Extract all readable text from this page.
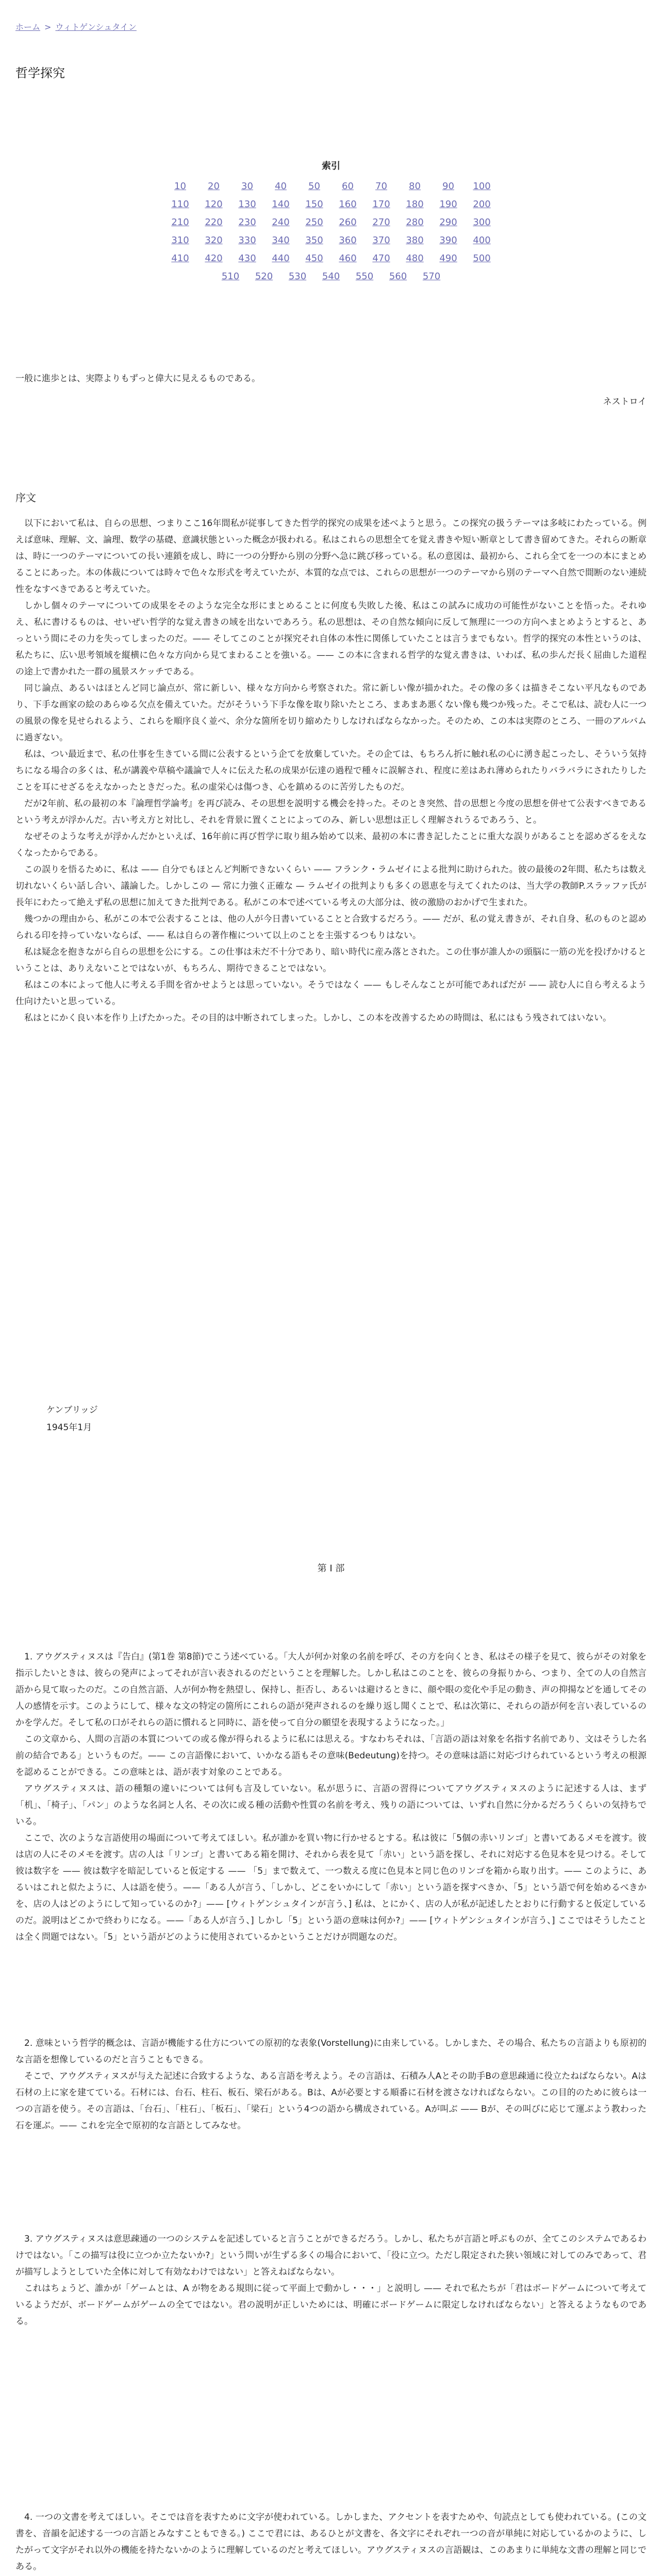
ホーム > ウィトゲンシュタイン
哲学探究
索引
10 20 30 40 50 60 70 80 90 100
110 120 130 140 150 160 170 180 190 200
210 220 230 240 250 260 270 280 290 300
310 320 330 340 350 360 370 380 390 400
410 420 430 440 450 460 470 480 490 500
510 520 530 540 550 560 570

一般に進歩とは、実際よりもずっと偉大に見えるものである。

ネストロイ
序文

以下において私は、自らの思想、つまりここ16年間私が従事してきた哲学的探究の成果を述べようと思う。この探究の扱うテーマは多岐にわたっている。例えば意味、理解、文、論理、数学の基礎、意識状態といった概念が扱われる。私はこれらの思想全てを覚え書きや短い断章として書き留めてきた。それらの断章は、時に一つのテーマについての長い連鎖を成し、時に一つの分野から別の分野へ急に跳び移っている。私の意図は、最初から、これら全てを一つの本にまとめることにあった。本の体裁については時々で色々な形式を考えていたが、本質的な点では、これらの思想が一つのテーマから別のテーマへ自然で間断のない連続性をなすべきであると考えていた。

しかし個々のテーマについての成果をそのような完全な形にまとめることに何度も失敗した後、私はこの試みに成功の可能性がないことを悟った。それゆえ、私に書けるものは、せいぜい哲学的な覚え書きの域を出ないであろう。私の思想は、その自然な傾向に反して無理に一つの方向へまとめようとすると、あっという間にその力を失ってしまったのだ。—— そしてこのことが探究それ自体の本性に関係していたことは言うまでもない。哲学的探究の本性というのは、私たちに、広い思考領域を縦横に色々な方向から見てまわることを強いる。—— この本に含まれる哲学的な覚え書きは、いわば、私の歩んだ長く屈曲した道程の途上で書かれた一群の風景スケッチである。

同じ論点、あるいはほとんど同じ論点が、常に新しい、様々な方向から考察された。常に新しい像が描かれた。その像の多くは描きそこない平凡なものであり、下手な画家の絵のあらゆる欠点を備えていた。だがそういう下手な像を取り除いたところ、まあまあ悪くない像も幾つか残った。そこで私は、読む人に一つの風景の像を見せられるよう、これらを順序良く並べ、余分な箇所を切り縮めたりしなければならなかった。そのため、この本は実際のところ、一冊のアルバムに過ぎない。

私は、つい最近まで、私の仕事を生きている間に公表するという企てを放棄していた。その企ては、もちろん折に触れ私の心に湧き起こったし、そういう気持ちになる場合の多くは、私が講義や草稿や議論で人々に伝えた私の成果が伝達の過程で種々に誤解され、程度に差はあれ薄められたりバラバラにされたりしたことを耳にせざるをえなかったときだった。私の虚栄心は傷つき、心を鎮めるのに苦労したものだ。

だが2年前、私の最初の本『論理哲学論考』を再び読み、その思想を説明する機会を持った。そのとき突然、昔の思想と今度の思想を併せて公表すべきであるという考えが浮かんだ。古い考え方と対比し、それを背景に置くことによってのみ、新しい思想は正しく理解されうるであろう、と。

なぜそのような考えが浮かんだかといえば、16年前に再び哲学に取り組み始めて以来、最初の本に書き記したことに重大な誤りがあることを認めざるをえなくなったからである。

この誤りを悟るために、私は —— 自分でもほとんど判断できないくらい —— フランク・ラムゼイによる批判に助けられた。彼の最後の2年間、私たちは数え切れないくらい話し合い、議論した。しかしこの — 常に力強く正確な — ラムゼイの批判よりも多くの恩恵を与えてくれたのは、当大学の教師P.スラッファ氏が長年にわたって絶えず私の思想に加えてきた批判である。私がこの本で述べている考えの大部分は、彼の激励のおかげで生まれた。

幾つかの理由から、私がこの本で公表することは、他の人が今日書いていることと合致するだろう。—— だが、私の覚え書きが、それ自身、私のものと認められる印を持っていないならば、—— 私は自らの著作権について以上のことを主張するつもりはない。

私は疑念を抱きながら自らの思想を公にする。この仕事は未だ不十分であり、暗い時代に産み落とされた。この仕事が誰人かの頭脳に一筋の光を投げかけるということは、ありえないことではないが、もちろん、期待できることではない。

私はこの本によって他人に考える手間を省かせようとは思っていない。そうではなく —— もしそんなことが可能であればだが —— 読む人に自ら考えるよう仕向けたいと思っている。

私はとにかく良い本を作り上げたかった。その目的は中断されてしまった。しかし、この本を改善するための時間は、私にはもう残されてはいない。

ケンブリッジ
1945年1月
第 I 部

1. アウグスティヌスは『告白』(第1巻 第8節)でこう述べている。「大人が何か対象の名前を呼び、その方を向くとき、私はその様子を見て、彼らがその対象を指示したいときは、彼らの発声によってそれが言い表されるのだということを理解した。しかし私はこのことを、彼らの身振りから、つまり、全ての人の自然言語から見て取ったのだ。この自然言語、人が何か物を熱望し、保持し、拒否し、あるいは避けるときに、顔や眼の変化や手足の動き、声の抑揚などを通してその人の感情を示す。このようにして、様々な文の特定の箇所にこれらの語が発声されるのを繰り返し聞くことで、私は次第に、それらの語が何を言い表しているのかを学んだ。そして私の口がそれらの語に慣れると同時に、語を使って自分の願望を表現するようになった。」

この文章から、人間の言語の本質についての或る像が得られるように私には思える。すなわちそれは、「言語の語は対象を名指す名前であり、文はそうした名前の結合である」というものだ。—— この言語像において、いかなる語もその意味(Bedeutung)を持つ。その意味は語に対応づけられているという考えの根源を認めることができる。この意味とは、語が表す対象のことである。

アウグスティヌスは、語の種類の違いについては何も言及していない。私が思うに、言語の習得についてアウグスティヌスのように記述する人は、まず「机」、「椅子」、「パン」のような名詞と人名、その次に或る種の活動や性質の名前を考え、残りの語については、いずれ自然に分かるだろうくらいの気持ちでいる。

ここで、次のような言語使用の場面について考えてほしい。私が誰かを買い物に行かせるとする。私は彼に「5個の赤いリンゴ」と書いてあるメモを渡す。彼は店の人にそのメモを渡す。店の人は「リンゴ」と書いてある箱を開け、それから表を見て「赤い」という語を探し、それに対応する色見本を見つける。そして彼は数字を —— 彼は数字を暗記していると仮定する —— 「5」まで数えて、一つ数える度に色見本と同じ色のリンゴを箱から取り出す。—— このように、あるいはこれと似たように、人は語を使う。——「ある人が言う、「しかし、どこをいかにして「赤い」という語を探すべきか、「5」という語で何を始めるべきかを、店の人はどのようにして知っているのか?」—— [ウィトゲンシュタインが言う、] 私は、とにかく、店の人が私が記述したとおりに行動すると仮定しているのだ。説明はどこかで終わりになる。——「ある人が言う、] しかし「5」という語の意味は何か?」—— [ウィトゲンシュタインが言う、] ここではそうしたことは全く問題ではない。「5」という語がどのように使用されているかということだけが問題なのだ。

2. 意味という哲学的概念は、言語が機能する仕方についての原初的な表象(Vorstellung)に由来している。しかしまた、その場合、私たちの言語よりも原初的な言語を想像しているのだと言うこともできる。

そこで、アウグスティヌスが与えた記述に合致するような、ある言語を考えよう。その言語は、石積み人Aとその助手Bの意思疎通に役立たねばならない。Aは石材の上に家を建てている。石材には、台石、柱石、板石、梁石がある。Bは、Aが必要とする順番に石材を渡さなければならない。この目的のために彼らは一つの言語を使う。その言語は、「台石」、「柱石」、「板石」、「梁石」という4つの語から構成されている。Aが叫ぶ —— Bが、その叫びに応じて運ぶよう教わった石を運ぶ。—— これを完全で原初的な言語としてみなせ。

3. アウグスティヌスは意思疎通の一つのシステムを記述していると言うことができるだろう。しかし、私たちが言語と呼ぶものが、全てこのシステムであるわけではない。「この描写は役に立つか立たないか?」という問いが生ずる多くの場合において、「役に立つ。ただし限定された狭い領域に対してのみであって、君が描写しようとしていた全体に対して有効なわけではない」と答えねばならない。

これはちょうど、誰かが「ゲームとは、A が物をある規則に従って平面上で動かし・・・」と説明し —— それで私たちが「君はボードゲームについて考えているようだが、ボードゲームがゲームの全てではない。君の説明が正しいためには、明確にボードゲームに限定しなければならない」と答えるようなものである。

4. 一つの文書を考えてほしい。そこでは音を表すために文字が使われている。しかしまた、アクセントを表すためや、句読点としても使われている。(この文書を、音韻を記述する一つの言語とみなすこともできる。) ここで君には、あるひとが文書を、各文字にそれぞれ一つの音が単純に対応しているかのように、したがって文字がそれ以外の機能を持たないかのように理解しているのだと考えてほしい。アウグスティヌスの言語観は、このあまりに単純な文書の理解と同じである。
